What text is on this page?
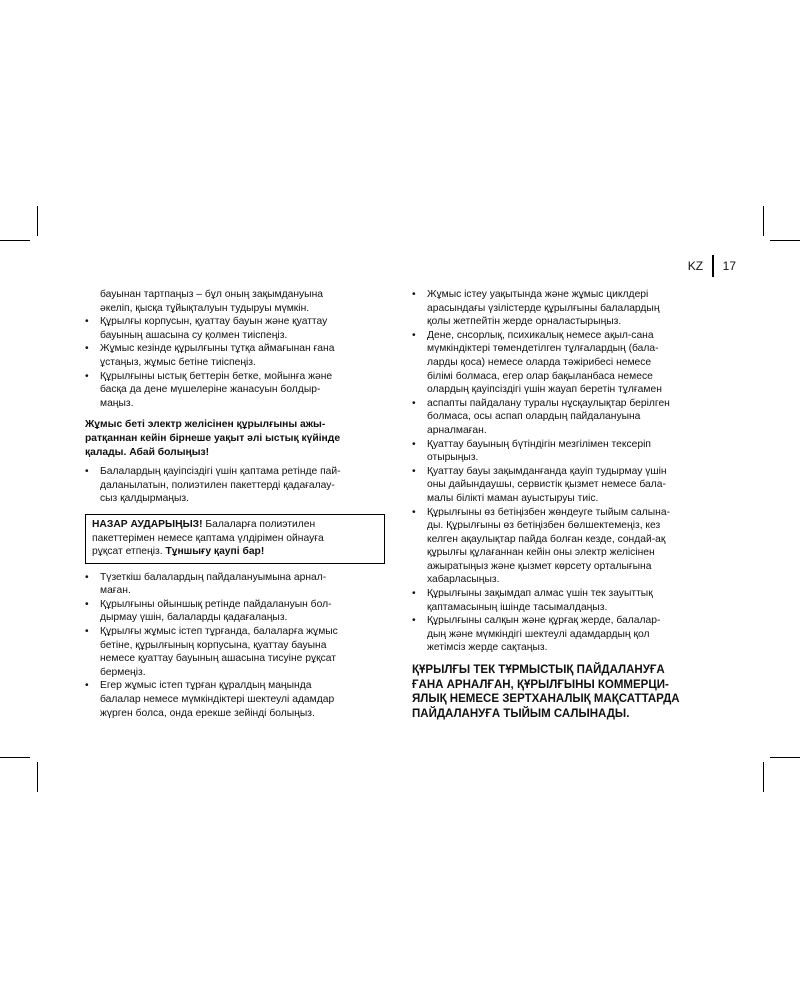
KZ	17
бауынан тартпаңыз – бұл оның зақымдануына
әкеліп, қысқа тұйықталуын тудыруы мүмкін.
• Құрылғы корпусын, қуаттау бауын және қуаттау
бауының ашасына су қолмен тиіспеңіз.
• Жұмыс кезінде құрылғыны тұтқа аймағынан ғана
ұстаңыз, жұмыс бетіне тиіспеңіз.
• Құрылғыны ыстық беттерін бетке, мойынға және
басқа да дене мүшелеріне жанасуын болдыр-
маңыз.
Жұмыс беті электр желісінен құрылғыны ажы-
ратқаннан кейін бірнеше уақыт әлі ыстық күйінде
қалады. Абай болыңыз!
• Балалардың қауіпсіздігі үшін қаптама ретінде пай-
даланылатын, полиэтилен пакеттерді қадағалау-
сыз қалдырмаңыз.
НАЗАР АУДАРЫҢЫЗ! Балаларға полиэтилен
пакеттерімен немесе қаптама үлдірімен ойнауға
рұқсат етпеңіз. Тұншығу қаупі бар!
• Түзеткіш балалардың пайдалануымына арнал-
маған.
• Құрылғыны ойыншық ретінде пайдалануын бол-
дырмау үшін, балаларды қадағалаңыз.
• Құрылғы жұмыс істеп тұрғанда, балаларға жұмыс
бетіне, құрылғының корпусына, қуаттау бауына
немесе қуаттау бауының ашасына тисуіне рұқсат
бермеңіз.
• Егер жұмыс істеп тұрған құралдың маңында
балалар немесе мүмкіндіктері шектеулі адамдар
жүрген болса, онда ерекше зейінді болыңыз.
• Жұмыс істеу уақытында және жұмыс циклдері
арасындағы үзілістерде құрылғыны балалардың
қолы жетпейтін жерде орналастырыңыз.
• Дене, снсорлық, психикалық немесе ақыл-сана
мүмкіндіктері төмендетілген тұлғалардың (бала-
ларды қоса) немесе оларда тәжірибесі немесе
білімі болмаса, егер олар бақыланбаса немесе
олардың қауіпсіздігі үшін жауап беретін тұлғамен
• аспапты пайдалану туралы нұсқаулықтар берілген
болмаса, осы аспап олардың пайдалануына
арналмаған.
• Қуаттау бауының бүтіндігін мезгілімен тексеріп
отырыңыз.
• Қуаттау бауы зақымданғанда қауіп тудырмау үшін
оны дайындаушы, сервистік қызмет немесе бала-
малы білікті маман ауыстыруы тиіс.
• Құрылғыны өз бетіңізбен жөндеуге тыйым салына-
ды. Құрылғыны өз бетіңізбен бөлшектемеңіз, кез
келген ақаулықтар пайда болған кезде, сондай-ақ
құрылғы құлағаннан кейін оны электр желісінен
ажыратыңыз және қызмет көрсету орталығына
хабарласыңыз.
• Құрылғыны зақымдап алмас үшін тек зауыттық
қаптамасының ішінде тасымалдаңыз.
• Құрылғыны салқын және құрғақ жерде, балалар-
дың және мүмкіндігі шектеулі адамдардың қол
жетімсіз жерде сақтаңыз.
ҚҰРЫЛҒЫ ТЕК ТҰРМЫСТЫҚ ПАЙДАЛАНУҒА
ҒАНА АРНАЛҒАН, ҚҰРЫЛҒЫНЫ КОММЕРЦИ-
ЯЛЫҚ НЕМЕСЕ ЗЕРТХАНАЛЫҚ МАҚСАТТАРДА
ПАЙДАЛАНУҒА ТЫЙЫМ САЛЫНАДЫ.
